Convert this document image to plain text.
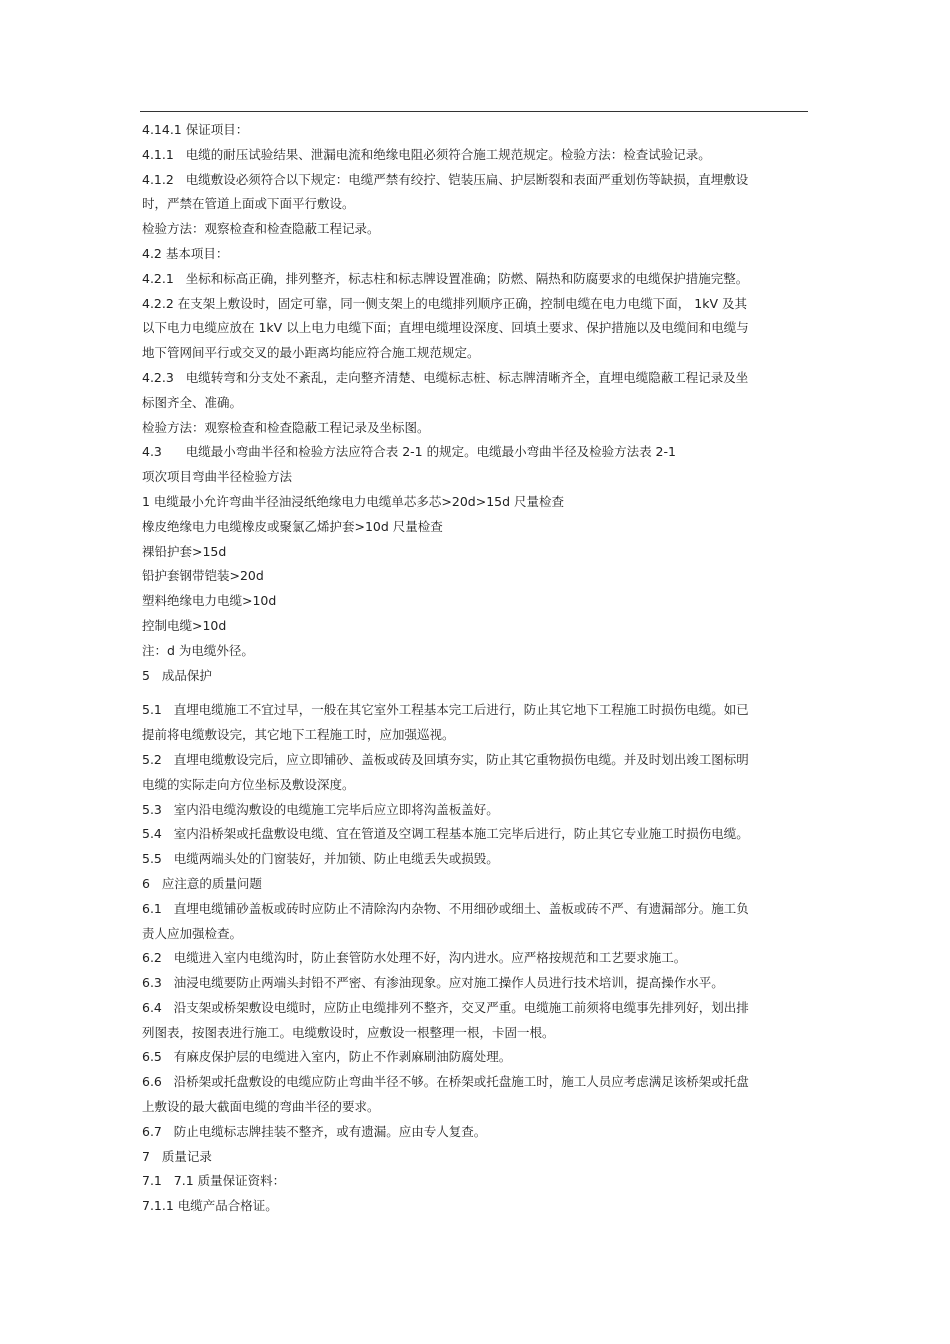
4.14.1 保证项目：

4.1.1   电缆的耐压试验结果、泄漏电流和绝缘电阻必须符合施工规范规定。检验方法：检查试验记录。

4.1.2   电缆敷设必须符合以下规定：电缆严禁有绞拧、铠装压扁、护层断裂和表面严重划伤等缺损，直埋敷设

时，严禁在管道上面或下面平行敷设。

检验方法：观察检查和检查隐蔽工程记录。

4.2 基本项目：

4.2.1   坐标和标高正确，排列整齐，标志柱和标志牌设置准确；防燃、隔热和防腐要求的电缆保护措施完整。

4.2.2 在支架上敷设时，固定可靠，同一侧支架上的电缆排列顺序正确，控制电缆在电力电缆下面， 1kV 及其

以下电力电缆应放在 1kV 以上电力电缆下面；直埋电缆埋设深度、回填土要求、保护措施以及电缆间和电缆与

地下管网间平行或交叉的最小距离均能应符合施工规范规定。

4.2.3   电缆转弯和分支处不紊乱，走向整齐清楚、电缆标志桩、标志牌清晰齐全，直埋电缆隐蔽工程记录及坐

标图齐全、准确。

检验方法：观察检查和检查隐蔽工程记录及坐标图。

4.3      电缆最小弯曲半径和检验方法应符合表 2-1 的规定。电缆最小弯曲半径及检验方法表 2-1

项次项目弯曲半径检验方法

1 电缆最小允许弯曲半径油浸纸绝缘电力电缆单芯多芯>20d>15d 尺量检查

橡皮绝缘电力电缆橡皮或聚氯乙烯护套>10d 尺量检查

裸铅护套>15d

铅护套钢带铠装>20d

塑料绝缘电力电缆>10d

控制电缆>10d

注：d 为电缆外径。

5   成品保护

5.1   直埋电缆施工不宜过早，一般在其它室外工程基本完工后进行，防止其它地下工程施工时损伤电缆。如已

提前将电缆敷设完，其它地下工程施工时，应加强巡视。

5.2   直埋电缆敷设完后，应立即铺砂、盖板或砖及回填夯实，防止其它重物损伤电缆。并及时划出竣工图标明

电缆的实际走向方位坐标及敷设深度。

5.3   室内沿电缆沟敷设的电缆施工完毕后应立即将沟盖板盖好。

5.4   室内沿桥架或托盘敷设电缆、宜在管道及空调工程基本施工完毕后进行，防止其它专业施工时损伤电缆。

5.5   电缆两端头处的门窗装好，并加锁、防止电缆丢失或损毁。

6   应注意的质量问题

6.1   直埋电缆铺砂盖板或砖时应防止不清除沟内杂物、不用细砂或细土、盖板或砖不严、有遗漏部分。施工负

责人应加强检查。

6.2   电缆进入室内电缆沟时，防止套管防水处理不好，沟内进水。应严格按规范和工艺要求施工。

6.3   油浸电缆要防止两端头封铅不严密、有渗油现象。应对施工操作人员进行技术培训，提高操作水平。

6.4   沿支架或桥架敷设电缆时，应防止电缆排列不整齐，交叉严重。电缆施工前须将电缆事先排列好，划出排

列图表，按图表进行施工。电缆敷设时，应敷设一根整理一根，卡固一根。

6.5   有麻皮保护层的电缆进入室内，防止不作剥麻刷油防腐处理。

6.6   沿桥架或托盘敷设的电缆应防止弯曲半径不够。在桥架或托盘施工时，施工人员应考虑满足该桥架或托盘

上敷设的最大截面电缆的弯曲半径的要求。

6.7   防止电缆标志牌挂装不整齐，或有遗漏。应由专人复查。

7   质量记录

7.1   7.1 质量保证资料：

7.1.1 电缆产品合格证。
